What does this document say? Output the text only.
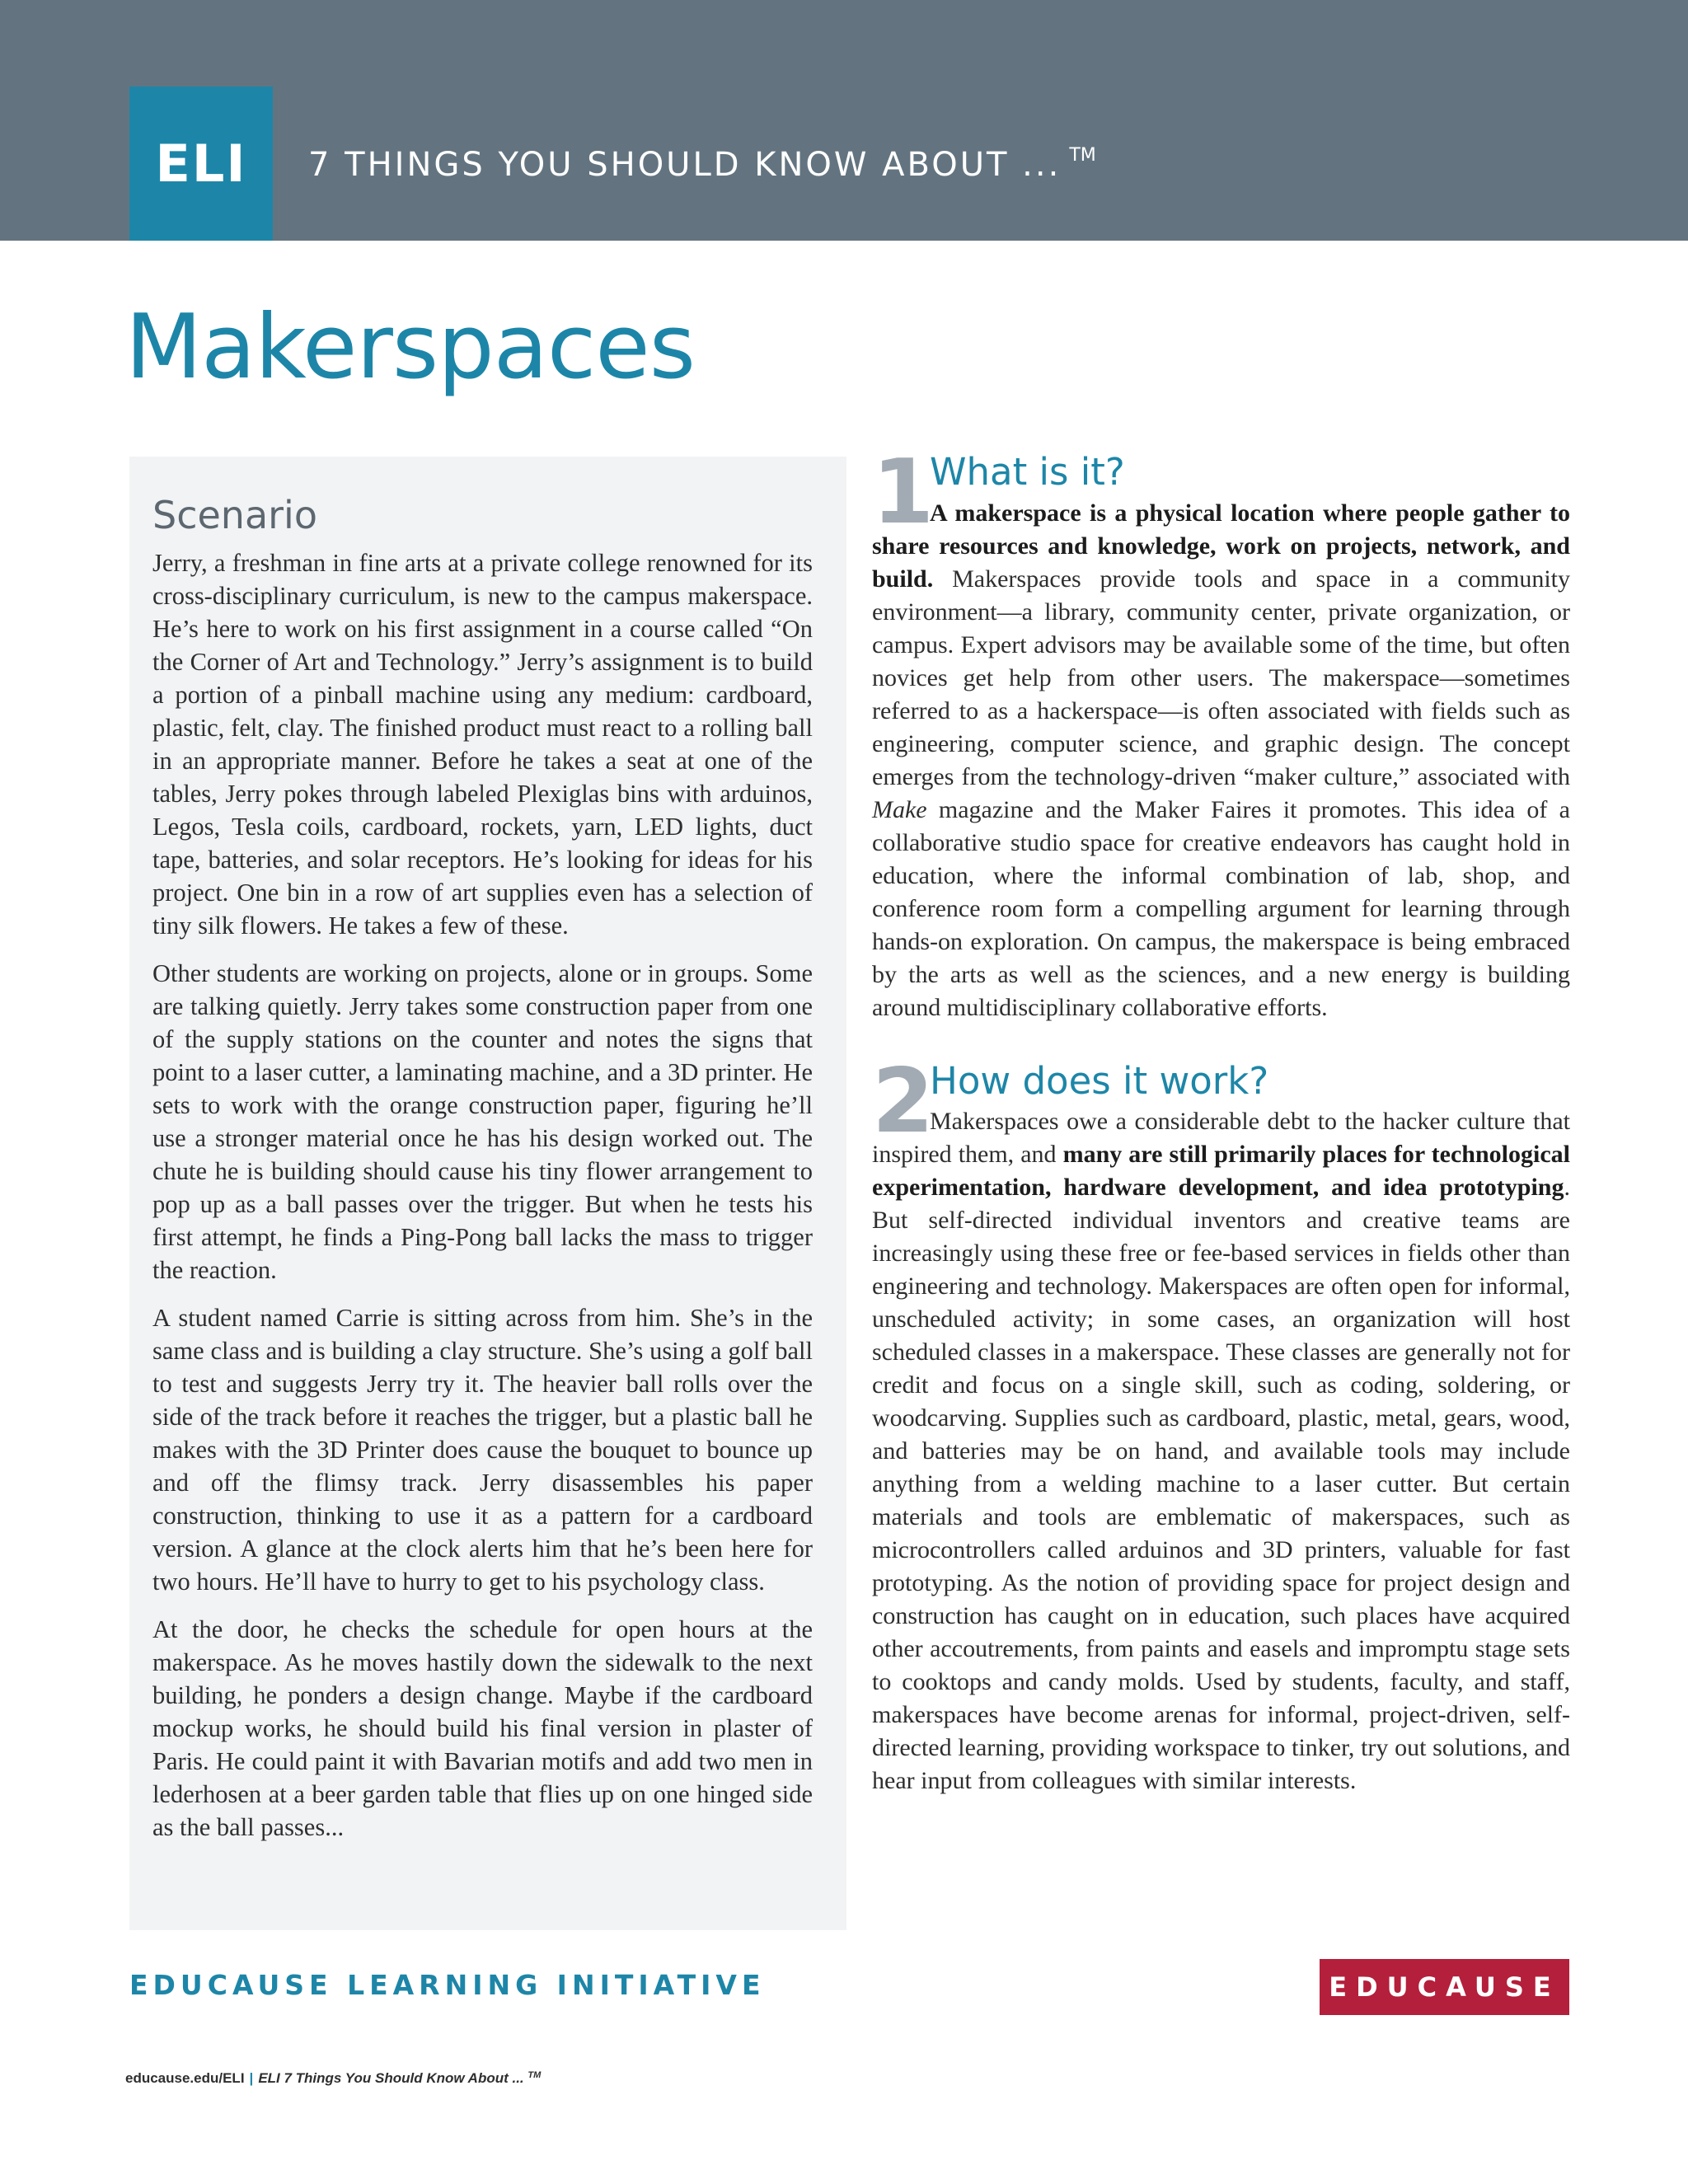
ELI 7 THINGS YOU SHOULD KNOW ABOUT ... ™
Makerspaces
Scenario

Jerry, a freshman in fine arts at a private college renowned for its cross-disciplinary curriculum, is new to the campus makerspace. He’s here to work on his first assignment in a course called “On the Corner of Art and Technology.” Jerry’s assignment is to build a portion of a pinball machine using any medium: cardboard, plastic, felt, clay. The finished product must react to a rolling ball in an appropriate manner. Before he takes a seat at one of the tables, Jerry pokes through labeled Plexiglas bins with arduinos, Legos, Tesla coils, cardboard, rockets, yarn, LED lights, duct tape, batteries, and solar receptors. He’s looking for ideas for his project. One bin in a row of art supplies even has a selection of tiny silk flowers. He takes a few of these.

Other students are working on projects, alone or in groups. Some are talking quietly. Jerry takes some construction paper from one of the supply stations on the counter and notes the signs that point to a laser cutter, a laminating machine, and a 3D printer. He sets to work with the orange construction paper, figuring he’ll use a stronger material once he has his design worked out. The chute he is building should cause his tiny flower arrangement to pop up as a ball passes over the trigger. But when he tests his first attempt, he finds a Ping-Pong ball lacks the mass to trigger the reaction.

A student named Carrie is sitting across from him. She’s in the same class and is building a clay structure. She’s using a golf ball to test and suggests Jerry try it. The heavier ball rolls over the side of the track before it reaches the trigger, but a plastic ball he makes with the 3D Printer does cause the bouquet to bounce up and off the flimsy track. Jerry disassembles his paper construction, thinking to use it as a pattern for a cardboard version. A glance at the clock alerts him that he’s been here for two hours. He’ll have to hurry to get to his psychology class.

At the door, he checks the schedule for open hours at the makerspace. As he moves hastily down the sidewalk to the next building, he ponders a design change. Maybe if the cardboard mockup works, he should build his final version in plaster of Paris. He could paint it with Bavarian motifs and add two men in lederhosen at a beer garden table that flies up on one hinged side as the ball passes...

1
What is it?

A makerspace is a physical location where people gather to share resources and knowledge, work on projects, network, and build. Makerspaces provide tools and space in a community environment—a library, community center, private organization, or campus. Expert advisors may be available some of the time, but often novices get help from other users. The makerspace—sometimes referred to as a hackerspace—is often associated with fields such as engineering, computer science, and graphic design. The concept emerges from the technology-driven “maker culture,” associated with Make magazine and the Maker Faires it promotes. This idea of a collaborative studio space for creative endeavors has caught hold in education, where the informal combination of lab, shop, and conference room form a compelling argument for learning through hands-on exploration. On campus, the makerspace is being embraced by the arts as well as the sciences, and a new energy is building around multidisciplinary collaborative efforts.

2
How does it work?

Makerspaces owe a considerable debt to the hacker culture that inspired them, and many are still primarily places for technological experimentation, hardware development, and idea prototyping. But self-directed individual inventors and creative teams are increasingly using these free or fee-based services in fields other than engineering and technology. Makerspaces are often open for informal, unscheduled activity; in some cases, an organization will host scheduled classes in a makerspace. These classes are generally not for credit and focus on a single skill, such as coding, soldering, or woodcarving. Supplies such as cardboard, plastic, metal, gears, wood, and batteries may be on hand, and available tools may include anything from a welding machine to a laser cutter. But certain materials and tools are emblematic of makerspaces, such as microcontrollers called arduinos and 3D printers, valuable for fast prototyping. As the notion of providing space for project design and construction has caught on in education, such places have acquired other accoutrements, from paints and easels and impromptu stage sets to cooktops and candy molds. Used by students, faculty, and staff, makerspaces have become arenas for informal, project-driven, self-directed learning, providing workspace to tinker, try out solutions, and hear input from colleagues with similar interests.

EDUCAUSE LEARNING INITIATIVE	EDUCAUSE
educause.edu/ELI | ELI 7 Things You Should Know About ... ™
